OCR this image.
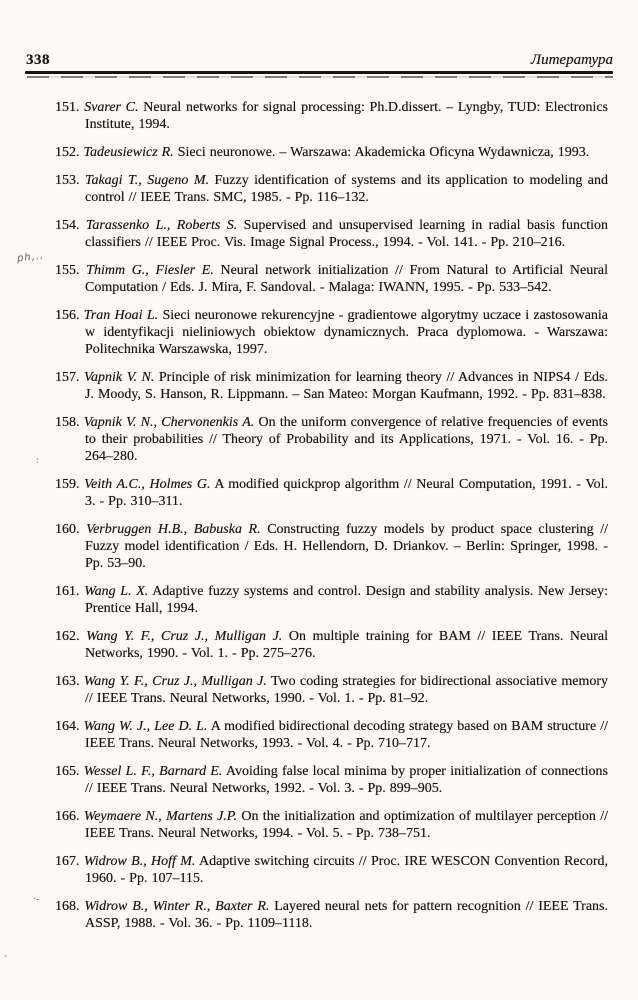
338	Литература
151. Svarer C. Neural networks for signal processing: Ph.D.dissert. – Lyngby, TUD: Electronics Institute, 1994.
152. Tadeusiewicz R. Sieci neuronowe. – Warszawa: Akademicka Oficyna Wydawnicza, 1993.
153. Takagi T., Sugeno M. Fuzzy identification of systems and its application to modeling and control // IEEE Trans. SMC, 1985. - Pp. 116–132.
154. Tarassenko L., Roberts S. Supervised and unsupervised learning in radial basis function classifiers // IEEE Proc. Vis. Image Signal Process., 1994. - Vol. 141. - Pp. 210–216.
155. Thimm G., Fiesler E. Neural network initialization // From Natural to Artificial Neural Computation / Eds. J. Mira, F. Sandoval. - Malaga: IWANN, 1995. - Pp. 533–542.
156. Tran Hoai L. Sieci neuronowe rekurencyjne - gradientowe algorytmy uczace i zastosowania w identyfikacji nieliniowych obiektow dynamicznych. Praca dyplomowa. - Warszawa: Politechnika Warszawska, 1997.
157. Vapnik V. N. Principle of risk minimization for learning theory // Advances in NIPS4 / Eds. J. Moody, S. Hanson, R. Lippmann. – San Mateo: Morgan Kaufmann, 1992. - Pp. 831–838.
158. Vapnik V. N., Chervonenkis A. On the uniform convergence of relative frequencies of events to their probabilities // Theory of Probability and its Applications, 1971. - Vol. 16. - Pp. 264–280.
159. Veith A.C., Holmes G. A modified quickprop algorithm // Neural Computation, 1991. - Vol. 3. - Pp. 310–311.
160. Verbruggen H.B., Babuska R. Constructing fuzzy models by product space clustering // Fuzzy model identification / Eds. H. Hellendorn, D. Driankov. – Berlin: Springer, 1998. - Pp. 53–90.
161. Wang L. X. Adaptive fuzzy systems and control. Design and stability analysis. New Jersey: Prentice Hall, 1994.
162. Wang Y. F., Cruz J., Mulligan J. On multiple training for BAM // IEEE Trans. Neural Networks, 1990. - Vol. 1. - Pp. 275–276.
163. Wang Y. F., Cruz J., Mulligan J. Two coding strategies for bidirectional associative memory // IEEE Trans. Neural Networks, 1990. - Vol. 1. - Pp. 81–92.
164. Wang W. J., Lee D. L. A modified bidirectional decoding strategy based on BAM structure // IEEE Trans. Neural Networks, 1993. - Vol. 4. - Pp. 710–717.
165. Wessel L. F., Barnard E. Avoiding false local minima by proper initialization of connections // IEEE Trans. Neural Networks, 1992. - Vol. 3. - Pp. 899–905.
166. Weymaere N., Martens J.P. On the initialization and optimization of multilayer perception // IEEE Trans. Neural Networks, 1994. - Vol. 5. - Pp. 738–751.
167. Widrow B., Hoff M. Adaptive switching circuits // Proc. IRE WESCON Convention Record, 1960. - Pp. 107–115.
168. Widrow B., Winter R., Baxter R. Layered neural nets for pattern recognition // IEEE Trans. ASSP, 1988. - Vol. 36. - Pp. 1109–1118.
ph,..
:
·-
-
